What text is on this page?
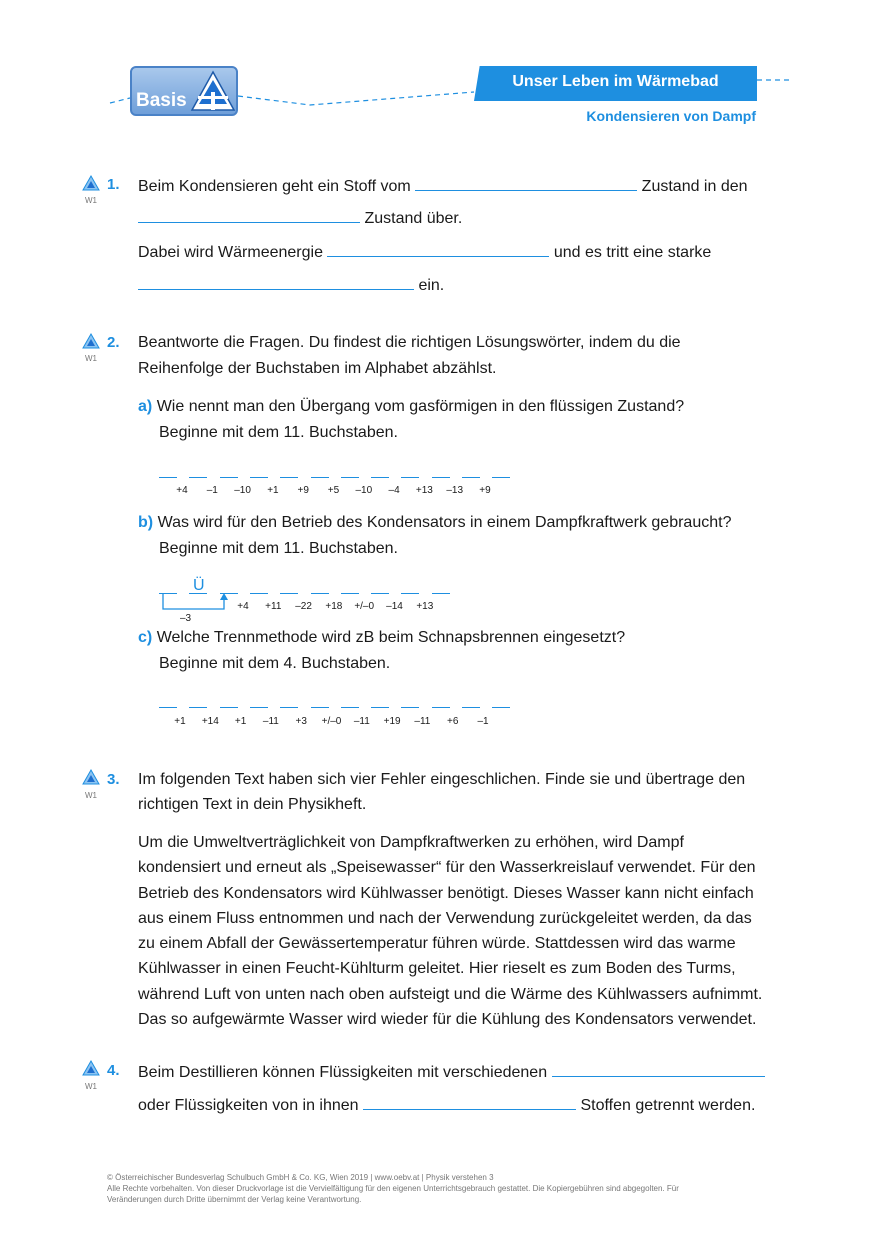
Basis
Unser Leben im Wärmebad
Kondensieren von Dampf
W1
1. Beim Kondensieren geht ein Stoff vom	Zustand in den
Zustand über.
Dabei wird Wärmeenergie	und es tritt eine starke
ein.
W1
2. Beantworte die Fragen. Du findest die richtigen Lösungswörter, indem du die
Reihenfolge der Buchstaben im Alphabet abzählst.
a) Wie nennt man den Übergang vom gasförmigen in den flüssigen Zustand?
Beginne mit dem 11. Buchstaben.
+4	–1	–10	+1	+9	+5	–10	–4	+13	–13	+9
b) Was wird für den Betrieb des Kondensators in einem Dampfkraftwerk gebraucht?
Beginne mit dem 11. Buchstaben.
Ü
–3
+4	+11	–22	+18	+/–0	–14	+13
c) Welche Trennmethode wird zB beim Schnapsbrennen eingesetzt?
Beginne mit dem 4. Buchstaben.
+1	+14	+1	–11	+3	+/–0	–11	+19	–11	+6	–1
W1
3. Im folgenden Text haben sich vier Fehler eingeschlichen. Finde sie und übertrage den
richtigen Text in dein Physikheft.
Um die Umweltverträglichkeit von Dampfkraftwerken zu erhöhen, wird Dampf
kondensiert und erneut als „Speisewasser“ für den Wasserkreislauf verwendet. Für den
Betrieb des Kondensators wird Kühlwasser benötigt. Dieses Wasser kann nicht einfach
aus einem Fluss entnommen und nach der Verwendung zurückgeleitet werden, da das
zu einem Abfall der Gewässertemperatur führen würde. Stattdessen wird das warme
Kühlwasser in einen Feucht-Kühlturm geleitet. Hier rieselt es zum Boden des Turms,
während Luft von unten nach oben aufsteigt und die Wärme des Kühlwassers aufnimmt.
Das so aufgewärmte Wasser wird wieder für die Kühlung des Kondensators verwendet.
W1
4. Beim Destillieren können Flüssigkeiten mit verschiedenen
oder Flüssigkeiten von in ihnen	Stoffen getrennt werden.
© Österreichischer Bundesverlag Schulbuch GmbH & Co. KG, Wien 2019 | www.oebv.at | Physik verstehen 3
Alle Rechte vorbehalten. Von dieser Druckvorlage ist die Vervielfältigung für den eigenen Unterrichtsgebrauch gestattet. Die Kopiergebühren sind abgegolten. Für
Veränderungen durch Dritte übernimmt der Verlag keine Verantwortung.
